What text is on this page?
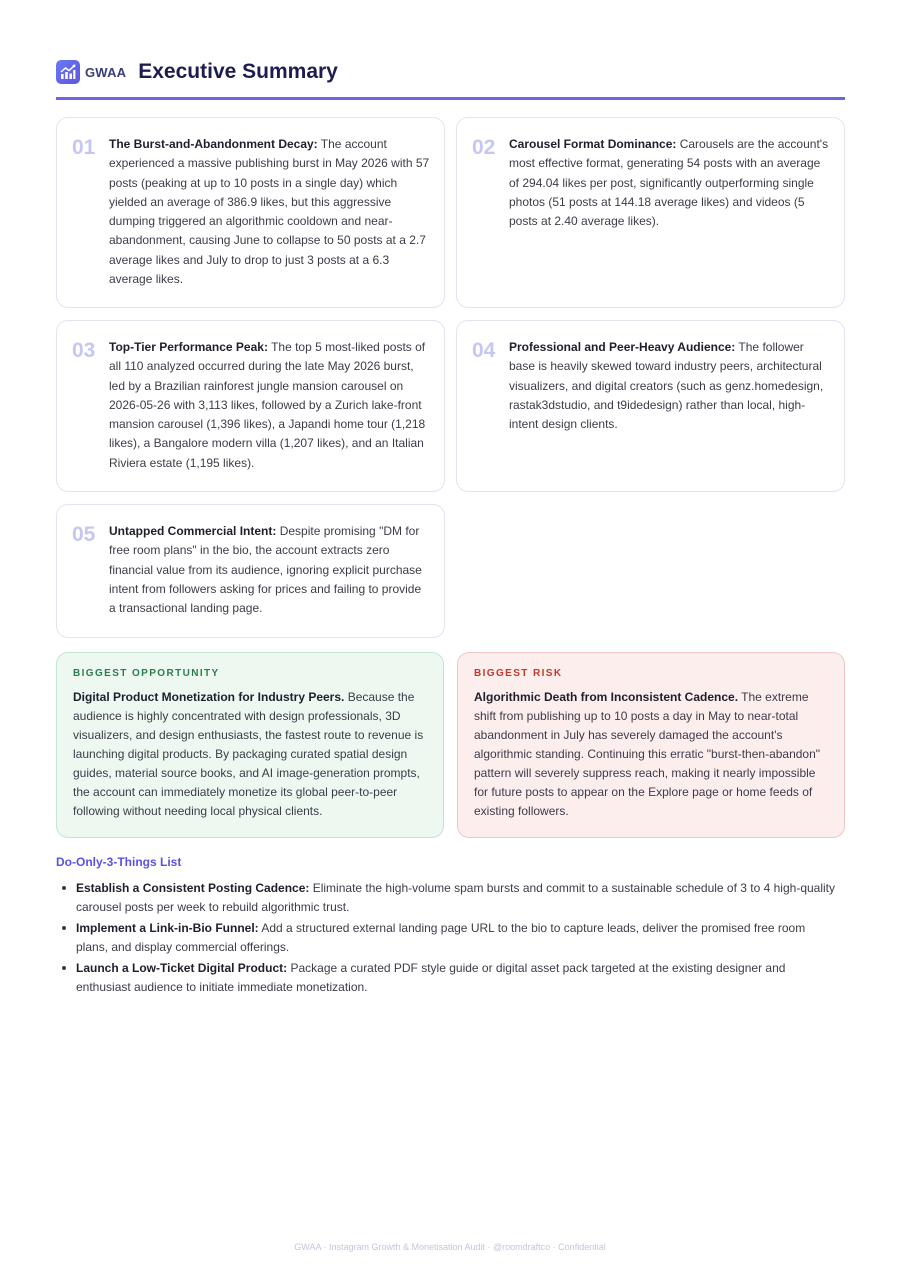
GWAA Executive Summary
01 The Burst-and-Abandonment Decay: The account experienced a massive publishing burst in May 2026 with 57 posts (peaking at up to 10 posts in a single day) which yielded an average of 386.9 likes, but this aggressive dumping triggered an algorithmic cooldown and near-abandonment, causing June to collapse to 50 posts at a 2.7 average likes and July to drop to just 3 posts at a 6.3 average likes.
02 Carousel Format Dominance: Carousels are the account's most effective format, generating 54 posts with an average of 294.04 likes per post, significantly outperforming single photos (51 posts at 144.18 average likes) and videos (5 posts at 2.40 average likes).
03 Top-Tier Performance Peak: The top 5 most-liked posts of all 110 analyzed occurred during the late May 2026 burst, led by a Brazilian rainforest jungle mansion carousel on 2026-05-26 with 3,113 likes, followed by a Zurich lake-front mansion carousel (1,396 likes), a Japandi home tour (1,218 likes), a Bangalore modern villa (1,207 likes), and an Italian Riviera estate (1,195 likes).
04 Professional and Peer-Heavy Audience: The follower base is heavily skewed toward industry peers, architectural visualizers, and digital creators (such as genz.homedesign, rastak3dstudio, and t9idedesign) rather than local, high-intent design clients.
05 Untapped Commercial Intent: Despite promising "DM for free room plans" in the bio, the account extracts zero financial value from its audience, ignoring explicit purchase intent from followers asking for prices and failing to provide a transactional landing page.
BIGGEST OPPORTUNITY
Digital Product Monetization for Industry Peers. Because the audience is highly concentrated with design professionals, 3D visualizers, and design enthusiasts, the fastest route to revenue is launching digital products. By packaging curated spatial design guides, material source books, and AI image-generation prompts, the account can immediately monetize its global peer-to-peer following without needing local physical clients.
BIGGEST RISK
Algorithmic Death from Inconsistent Cadence. The extreme shift from publishing up to 10 posts a day in May to near-total abandonment in July has severely damaged the account's algorithmic standing. Continuing this erratic "burst-then-abandon" pattern will severely suppress reach, making it nearly impossible for future posts to appear on the Explore page or home feeds of existing followers.
Do-Only-3-Things List
Establish a Consistent Posting Cadence: Eliminate the high-volume spam bursts and commit to a sustainable schedule of 3 to 4 high-quality carousel posts per week to rebuild algorithmic trust.
Implement a Link-in-Bio Funnel: Add a structured external landing page URL to the bio to capture leads, deliver the promised free room plans, and display commercial offerings.
Launch a Low-Ticket Digital Product: Package a curated PDF style guide or digital asset pack targeted at the existing designer and enthusiast audience to initiate immediate monetization.
GWAA · Instagram Growth & Monetisation Audit · @roomdraftco · Confidential
